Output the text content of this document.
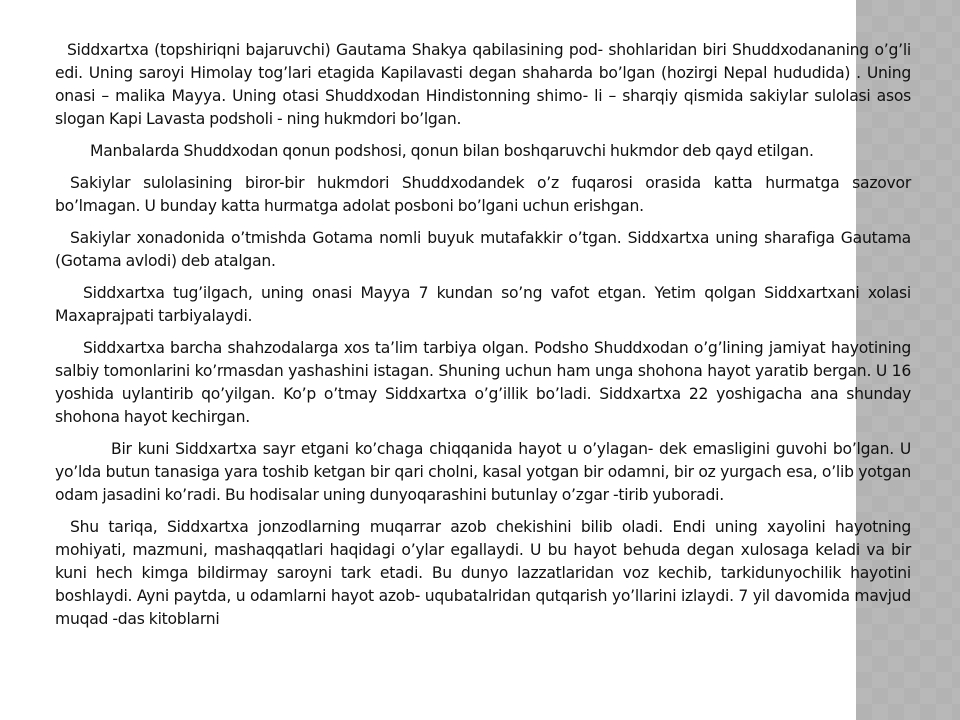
Siddxartxa (topshiriqni bajaruvchi) Gautama Shakya qabilasining pod- shohlaridan biri Shuddxodananing o’g’li edi. Uning saroyi Himolay tog’lari etagida Kapilavasti degan shaharda bo’lgan (hozirgi Nepal hududida) . Uning onasi – malika Mayya. Uning otasi Shuddxodan Hindistonning shimo- li – sharqiy qismida sakiylar sulolasi asos slogan Kapi Lavasta podsholi - ning hukmdori bo’lgan.

Manbalarda Shuddxodan qonun podshosi, qonun bilan boshqaruvchi hukmdor deb qayd etilgan.

Sakiylar sulolasining biror-bir hukmdori Shuddxodandek o’z fuqarosi orasida katta hurmatga sazovor bo’lmagan. U bunday katta hurmatga adolat posboni bo’lgani uchun erishgan.

Sakiylar xonadonida o’tmishda Gotama nomli buyuk mutafakkir o’tgan. Siddxartxa uning sharafiga Gautama (Gotama avlodi) deb atalgan.

Siddxartxa tug’ilgach, uning onasi Mayya 7 kundan so’ng vafot etgan. Yetim qolgan Siddxartxani xolasi Maxaprajpati tarbiyalaydi.

Siddxartxa barcha shahzodalarga xos ta’lim tarbiya olgan. Podsho Shuddxodan o’g’lining jamiyat hayotining salbiy tomonlarini ko’rmasdan yashashini istagan. Shuning uchun ham unga shohona hayot yaratib bergan. U 16 yoshida uylantirib qo’yilgan. Ko’p o’tmay Siddxartxa o’g’illik bo’ladi. Siddxartxa 22 yoshigacha ana shunday shohona hayot kechirgan.

Bir kuni Siddxartxa sayr etgani ko’chaga chiqqanida hayot u o’ylagan- dek emasligini guvohi bo’lgan. U yo’lda butun tanasiga yara toshib ketgan bir qari cholni, kasal yotgan bir odamni, bir oz yurgach esa, o’lib yotgan odam jasadini ko’radi. Bu hodisalar uning dunyoqarashini butunlay o’zgar -tirib yuboradi.

Shu tariqa, Siddxartxa jonzodlarning muqarrar azob chekishini bilib oladi. Endi uning xayolini hayotning mohiyati, mazmuni, mashaqqatlari haqidagi o’ylar egallaydi. U bu hayot behuda degan xulosaga keladi va bir kuni hech kimga bildirmay saroyni tark etadi. Bu dunyo lazzatlaridan voz kechib, tarkidunyochilik hayotini boshlaydi. Ayni paytda, u odamlarni hayot azob- uqubatalridan qutqarish yo’llarini izlaydi. 7 yil davomida mavjud muqad -das kitoblarni
